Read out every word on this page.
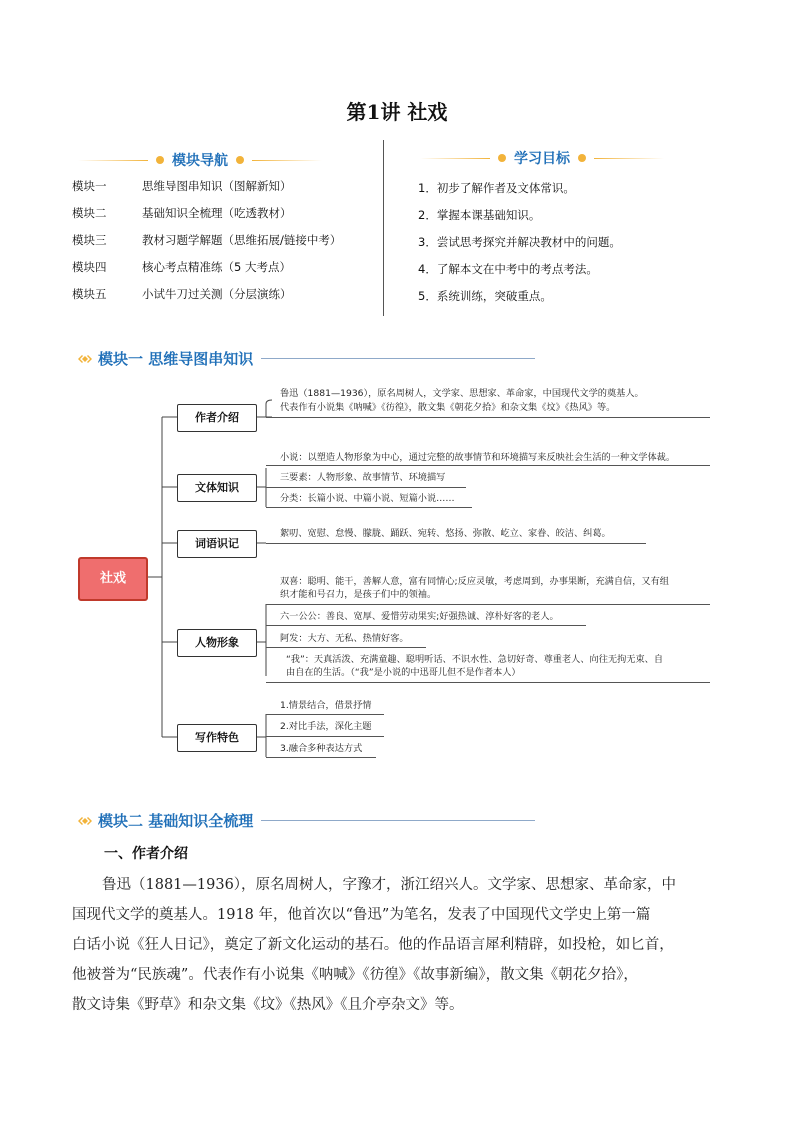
第1讲 社戏
模块导航
模块一	思维导图串知识（图解新知）
模块二	基础知识全梳理（吃透教材）
模块三	教材习题学解题（思维拓展/链接中考）
模块四	核心考点精准练（5 大考点）
模块五	小试牛刀过关测（分层演练）
学习目标
1．初步了解作者及文体常识。
2．掌握本课基础知识。
3．尝试思考探究并解决教材中的问题。
4．了解本文在中考中的考点考法。
5．系统训练，突破重点。
模块一 思维导图串知识
社戏
作者介绍
文体知识
词语识记
人物形象
写作特色
鲁迅（1881—1936），原名周树人，文学家、思想家、革命家，中国现代文学的奠基人。
代表作有小说集《呐喊》《彷徨》，散文集《朝花夕拾》和杂文集《坟》《热风》等。
小说：以塑造人物形象为中心，通过完整的故事情节和环境描写来反映社会生活的一种文学体裁。
三要素：人物形象、故事情节、环境描写
分类：长篇小说、中篇小说、短篇小说……
絮叨、宽慰、怠慢、朦胧、踊跃、宛转、悠扬、弥散、屹立、家眷、皎洁、纠葛。
双喜：聪明、能干，善解人意，富有同情心;反应灵敏，考虑周到，办事果断，充满自信，又有组
织才能和号召力，是孩子们中的领袖。
六一公公：善良、宽厚、爱惜劳动果实;好强热诚、淳朴好客的老人。
阿发：大方、无私、热情好客。
“我”：天真活泼、充满童趣、聪明听话、不识水性、急切好奇、尊重老人、向往无拘无束、自
由自在的生活。（“我”是小说的中迅哥儿但不是作者本人）
1.情景结合，借景抒情
2.对比手法，深化主题
3.融合多种表达方式
模块二 基础知识全梳理
一、作者介绍
鲁迅（1881—1936），原名周树人，字豫才，浙江绍兴人。文学家、思想家、革命家，中
国现代文学的奠基人。1918 年，他首次以“鲁迅”为笔名，发表了中国现代文学史上第一篇
白话小说《狂人日记》，奠定了新文化运动的基石。他的作品语言犀利精辟，如投枪，如匕首，
他被誉为“民族魂”。代表作有小说集《呐喊》《彷徨》《故事新编》，散文集《朝花夕拾》，
散文诗集《野草》和杂文集《坟》《热风》《且介亭杂文》等。
